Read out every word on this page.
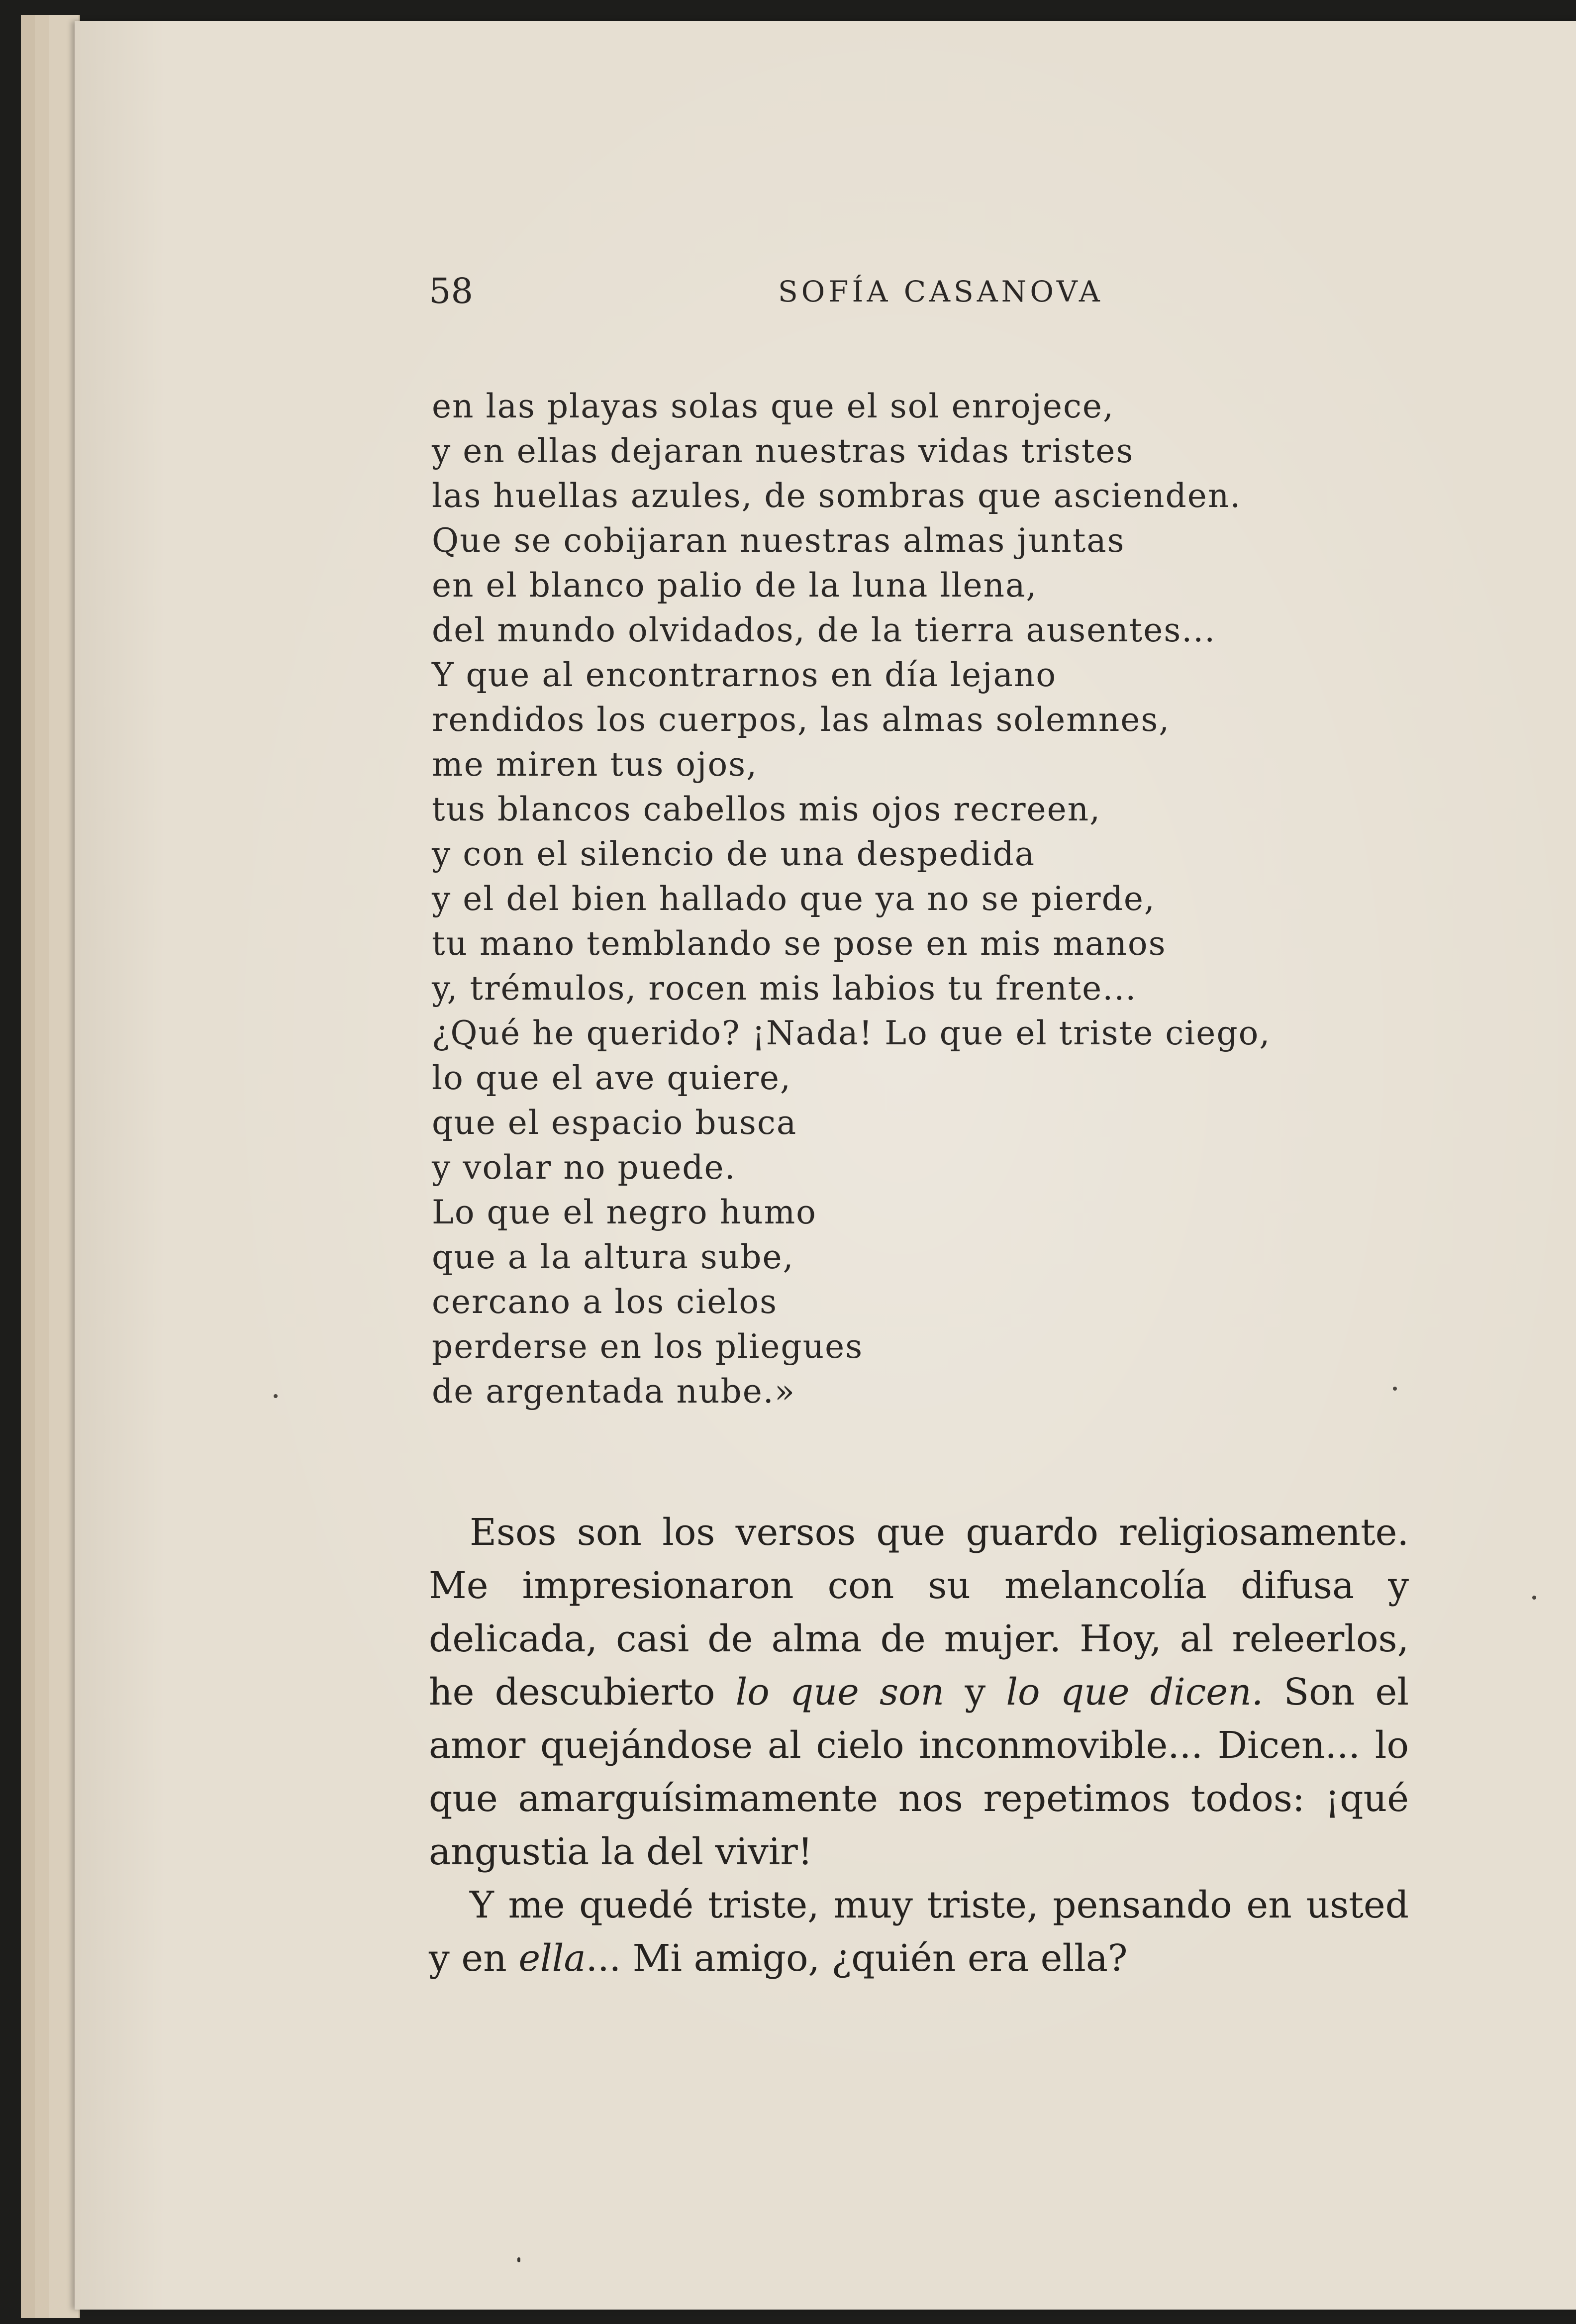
58	SOFÍA CASANOVA
en las playas solas que el sol enrojece,
y en ellas dejaran nuestras vidas tristes
las huellas azules, de sombras que ascienden.
Que se cobijaran nuestras almas juntas
en el blanco palio de la luna llena,
del mundo olvidados, de la tierra ausentes...
Y que al encontrarnos en día lejano
rendidos los cuerpos, las almas solemnes,
me miren tus ojos,
tus blancos cabellos mis ojos recreen,
y con el silencio de una despedida
y el del bien hallado que ya no se pierde,
tu mano temblando se pose en mis manos
y, trémulos, rocen mis labios tu frente...
¿Qué he querido? ¡Nada! Lo que el triste ciego,
lo que el ave quiere,
que el espacio busca
y volar no puede.
Lo que el negro humo
que a la altura sube,
cercano a los cielos
perderse en los pliegues
de argentada nube.»

Esos son los versos que guardo religiosamente. Me impresionaron con su melancolía difusa y delicada, casi de alma de mujer. Hoy, al releerlos, he descubierto lo que son y lo que dicen. Son el amor quejándose al cielo inconmovible... Dicen... lo que amarguísimamente nos repetimos todos: ¡qué angustia la del vivir!

Y me quedé triste, muy triste, pensando en usted y en ella... Mi amigo, ¿quién era ella?
